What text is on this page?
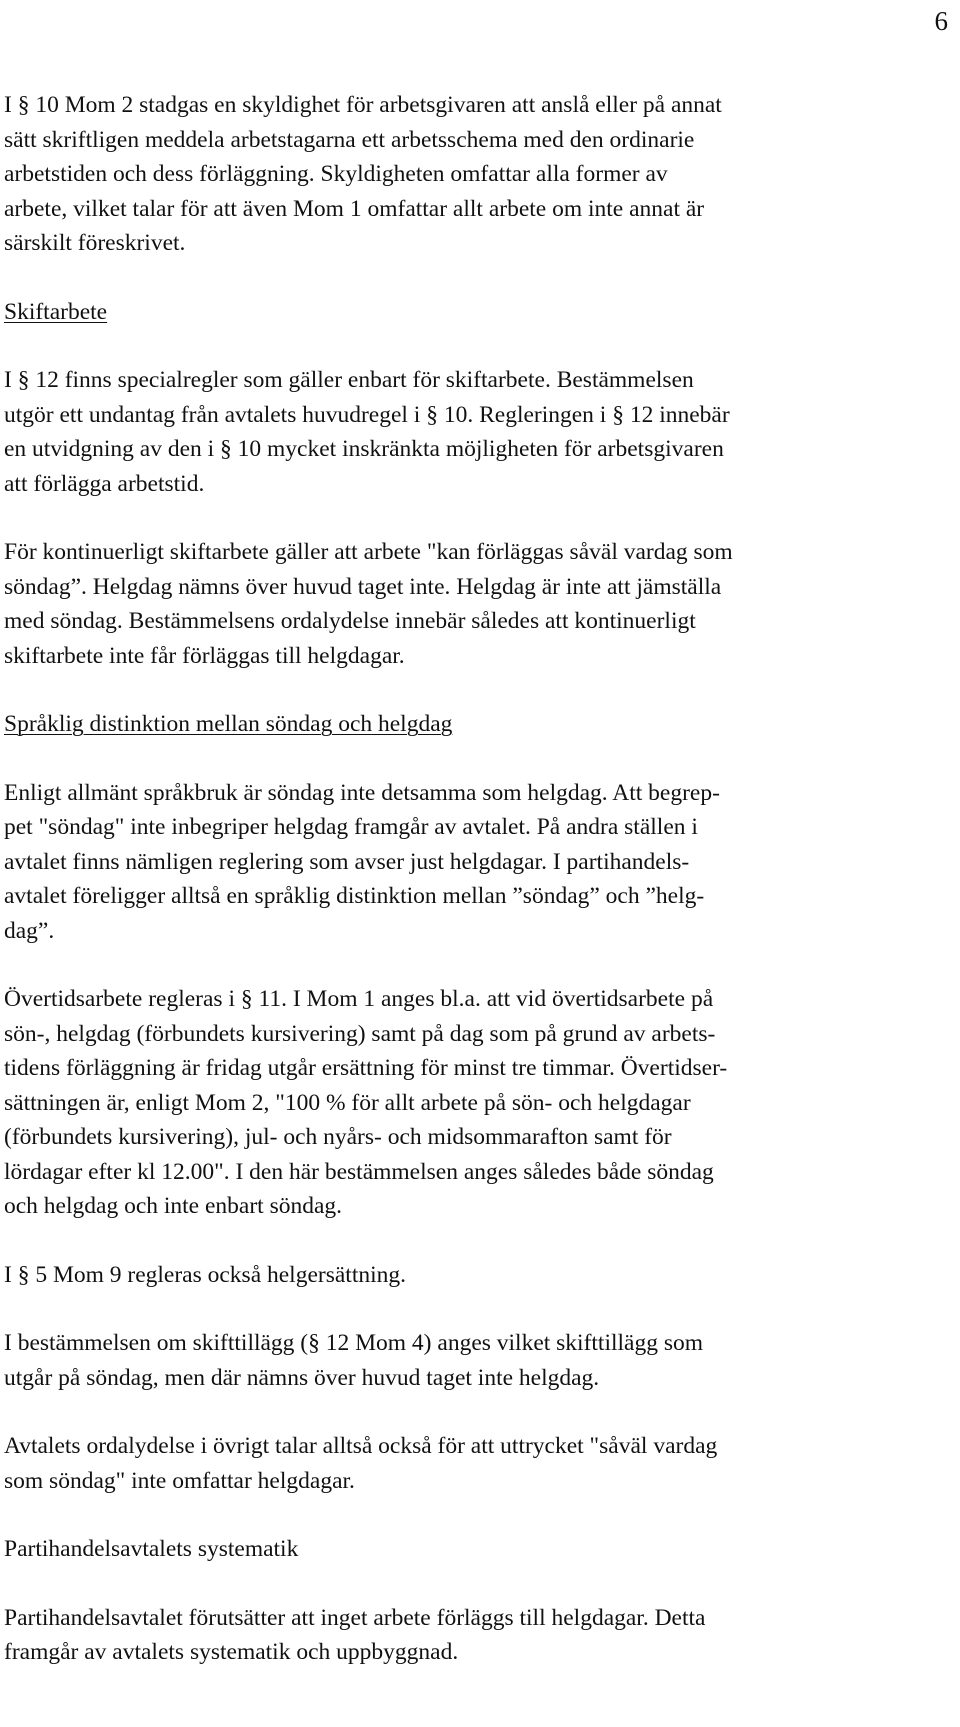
6

I § 10 Mom 2 stadgas en skyldighet för arbetsgivaren att anslå eller på annat
sätt skriftligen meddela arbetstagarna ett arbetsschema med den ordinarie
arbetstiden och dess förläggning. Skyldigheten omfattar alla former av
arbete, vilket talar för att även Mom 1 omfattar allt arbete om inte annat är
särskilt föreskrivet.

Skiftarbete

I § 12 finns specialregler som gäller enbart för skiftarbete. Bestämmelsen
utgör ett undantag från avtalets huvudregel i § 10. Regleringen i § 12 innebär
en utvidgning av den i § 10 mycket inskränkta möjligheten för arbetsgivaren
att förlägga arbetstid.

För kontinuerligt skiftarbete gäller att arbete "kan förläggas såväl vardag som
söndag”. Helgdag nämns över huvud taget inte. Helgdag är inte att jämställa
med söndag. Bestämmelsens ordalydelse innebär således att kontinuerligt
skiftarbete inte får förläggas till helgdagar.

Språklig distinktion mellan söndag och helgdag

Enligt allmänt språkbruk är söndag inte detsamma som helgdag. Att begrep-
pet "söndag" inte inbegriper helgdag framgår av avtalet. På andra ställen i
avtalet finns nämligen reglering som avser just helgdagar. I partihandels-
avtalet föreligger alltså en språklig distinktion mellan ”söndag” och ”helg-
dag”.

Övertidsarbete regleras i § 11. I Mom 1 anges bl.a. att vid övertidsarbete på
sön-, helgdag (förbundets kursivering) samt på dag som på grund av arbets-
tidens förläggning är fridag utgår ersättning för minst tre timmar. Övertidser-
sättningen är, enligt Mom 2, "100 % för allt arbete på sön- och helgdagar
(förbundets kursivering), jul- och nyårs- och midsommarafton samt för
lördagar efter kl 12.00". I den här bestämmelsen anges således både söndag
och helgdag och inte enbart söndag.

I § 5 Mom 9 regleras också helgersättning.

I bestämmelsen om skifttillägg (§ 12 Mom 4) anges vilket skifttillägg som
utgår på söndag, men där nämns över huvud taget inte helgdag.

Avtalets ordalydelse i övrigt talar alltså också för att uttrycket "såväl vardag
som söndag" inte omfattar helgdagar.

Partihandelsavtalets systematik

Partihandelsavtalet förutsätter att inget arbete förläggs till helgdagar. Detta
framgår av avtalets systematik och uppbyggnad.
